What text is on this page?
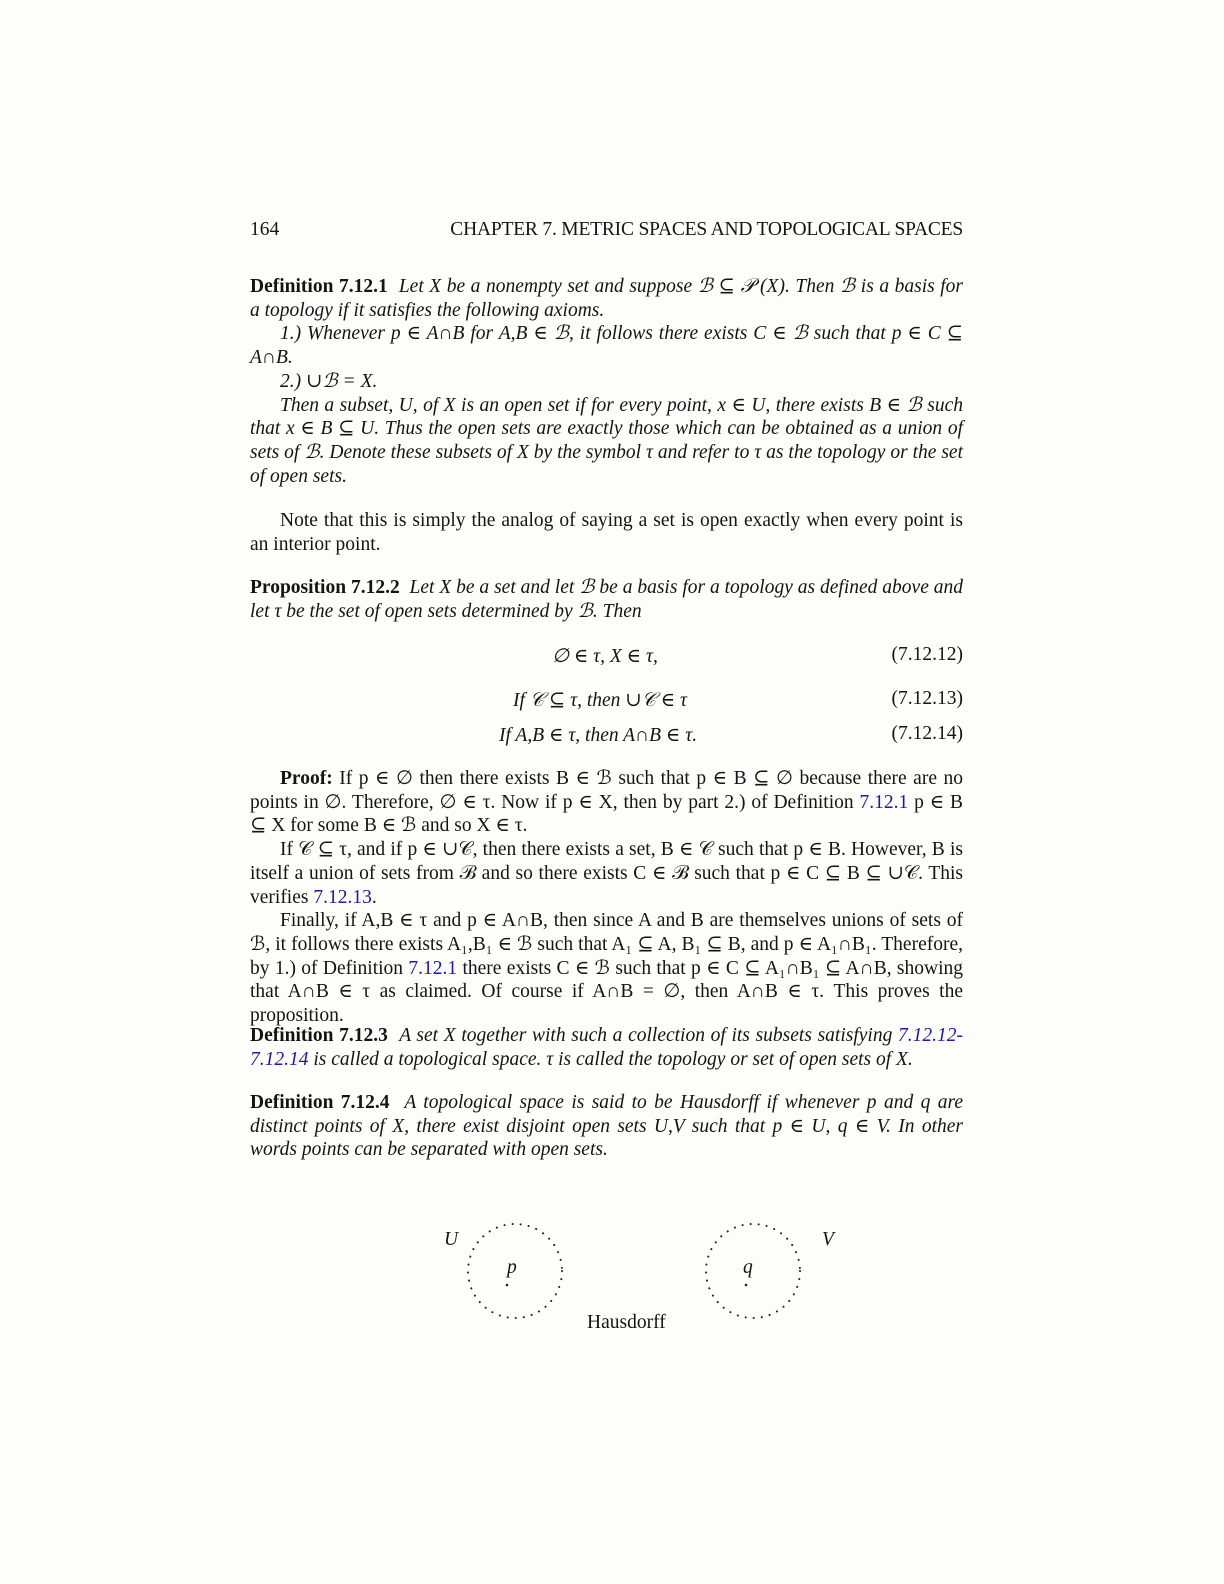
164	CHAPTER 7. METRIC SPACES AND TOPOLOGICAL SPACES

Definition 7.12.1 Let X be a nonempty set and suppose ℬ ⊆ 𝒫 (X). Then ℬ is a basis for a topology if it satisfies the following axioms.

1.) Whenever p ∈ A∩B for A,B ∈ ℬ, it follows there exists C ∈ ℬ such that p ∈ C ⊆ A∩B.

2.) ∪ℬ = X.

Then a subset, U, of X is an open set if for every point, x ∈ U, there exists B ∈ ℬ such that x ∈ B ⊆ U. Thus the open sets are exactly those which can be obtained as a union of sets of ℬ. Denote these subsets of X by the symbol τ and refer to τ as the topology or the set of open sets.

Note that this is simply the analog of saying a set is open exactly when every point is an interior point.

Proposition 7.12.2 Let X be a set and let ℬ be a basis for a topology as defined above and let τ be the set of open sets determined by ℬ. Then

∅ ∈ τ, X ∈ τ,	(7.12.12)
If 𝒞 ⊆ τ, then ∪𝒞 ∈ τ	(7.12.13)
If A,B ∈ τ, then A∩B ∈ τ.	(7.12.14)

Proof: If p ∈ ∅ then there exists B ∈ ℬ such that p ∈ B ⊆ ∅ because there are no points in ∅. Therefore, ∅ ∈ τ. Now if p ∈ X, then by part 2.) of Definition 7.12.1 p ∈ B ⊆ X for some B ∈ ℬ and so X ∈ τ.

If 𝒞 ⊆ τ, and if p ∈ ∪𝒞, then there exists a set, B ∈ 𝒞 such that p ∈ B. However, B is itself a union of sets from ℬ and so there exists C ∈ ℬ such that p ∈ C ⊆ B ⊆ ∪𝒞. This verifies 7.12.13.

Finally, if A,B ∈ τ and p ∈ A∩B, then since A and B are themselves unions of sets of ℬ, it follows there exists A₁,B₁ ∈ ℬ such that A₁ ⊆ A, B₁ ⊆ B, and p ∈ A₁∩B₁. Therefore, by 1.) of Definition 7.12.1 there exists C ∈ ℬ such that p ∈ C ⊆ A₁∩B₁ ⊆ A∩B, showing that A∩B ∈ τ as claimed. Of course if A∩B = ∅, then A∩B ∈ τ. This proves the proposition.

Definition 7.12.3 A set X together with such a collection of its subsets satisfying 7.12.12-7.12.14 is called a topological space. τ is called the topology or set of open sets of X.

Definition 7.12.4 A topological space is said to be Hausdorff if whenever p and q are distinct points of X, there exist disjoint open sets U,V such that p ∈ U, q ∈ V. In other words points can be separated with open sets.

U	V
p	q
Hausdorff
